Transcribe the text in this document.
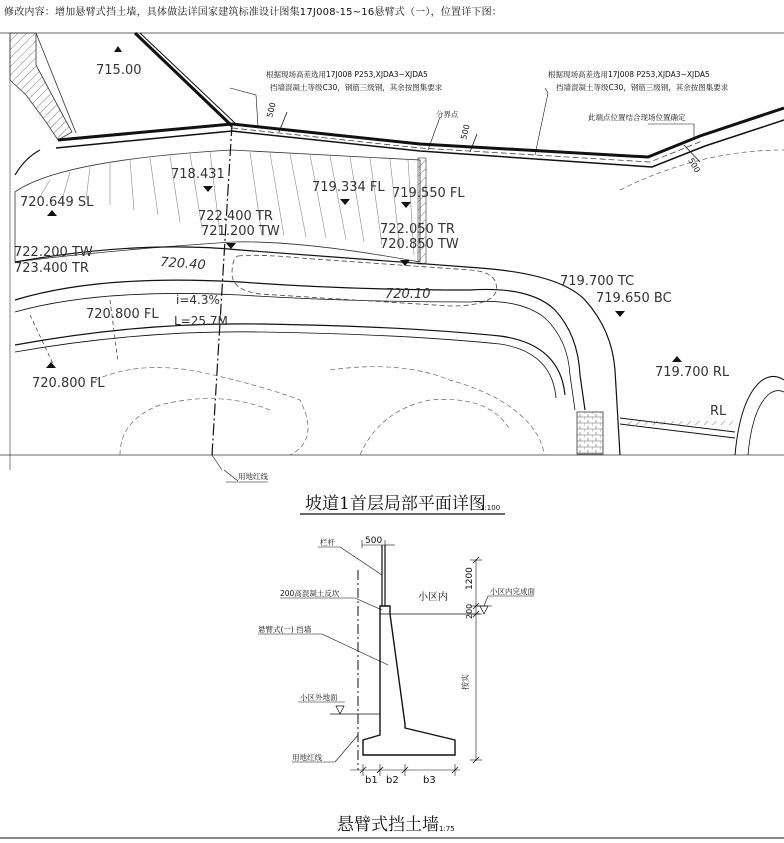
修改内容：增加悬臂式挡土墙，具体做法详国家建筑标准设计图集17J008-15~16悬臂式（一），位置详下图：
根据现场高差选用17J008 P253,XJDA3~XJDA5
挡墙混凝土等级C30，钢筋三级钢，其余按图集要求
根据现场高差选用17J008 P253,XJDA3~XJDA5
挡墙混凝土等级C30，钢筋三级钢，其余按图集要求
分界点	此端点位置结合现场位置确定
用地红线
500
500
500
715.00
718.431
719.334 FL 719.550 FL
720.649 SL
722.400 TR
721.200 TW	722.050 TR
720.850 TW
722.200 TW
723.400 TR	720.40
720.10
719.700 TC
719.650 BC
i=4.3%
L=25.7M
720.800 FL
720.800 FL
719.700 RL
RL
坡道1首层局部平面详图
1:100
栏杆
200高混凝土反坎
悬臂式(一) 挡墙
小区内
小区内完成面
小区外地面
用地红线
按实
500
1200
200
b1 b2 b3
悬臂式挡土墙 1:75
